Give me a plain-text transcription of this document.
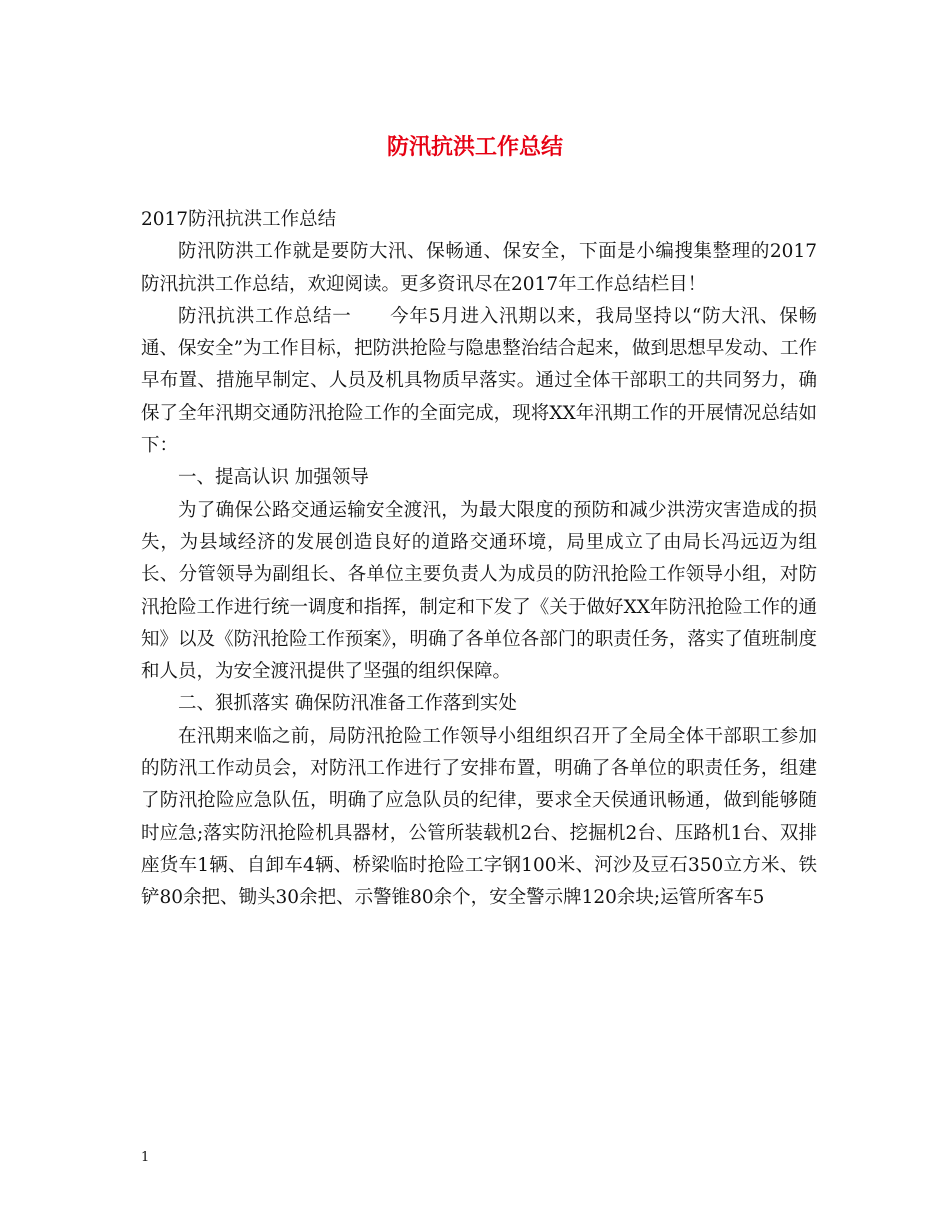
防汛抗洪工作总结

2017防汛抗洪工作总结

防汛防洪工作就是要防大汛、保畅通、保安全，下面是小编搜集整理的2017防汛抗洪工作总结，欢迎阅读。更多资讯尽在2017年工作总结栏目！

防汛抗洪工作总结一　　今年5月进入汛期以来，我局坚持以“防大汛、保畅通、保安全”为工作目标，把防洪抢险与隐患整治结合起来，做到思想早发动、工作早布置、措施早制定、人员及机具物质早落实。通过全体干部职工的共同努力，确保了全年汛期交通防汛抢险工作的全面完成，现将XX年汛期工作的开展情况总结如下：

一、提高认识 加强领导

为了确保公路交通运输安全渡汛，为最大限度的预防和减少洪涝灾害造成的损失，为县域经济的发展创造良好的道路交通环境，局里成立了由局长冯远迈为组长、分管领导为副组长、各单位主要负责人为成员的防汛抢险工作领导小组，对防汛抢险工作进行统一调度和指挥，制定和下发了《关于做好XX年防汛抢险工作的通知》以及《防汛抢险工作预案》，明确了各单位各部门的职责任务，落实了值班制度和人员，为安全渡汛提供了坚强的组织保障。

二、狠抓落实 确保防汛准备工作落到实处

在汛期来临之前，局防汛抢险工作领导小组组织召开了全局全体干部职工参加的防汛工作动员会，对防汛工作进行了安排布置，明确了各单位的职责任务，组建了防汛抢险应急队伍，明确了应急队员的纪律，要求全天侯通讯畅通，做到能够随时应急;落实防汛抢险机具器材，公管所装载机2台、挖掘机2台、压路机1台、双排座货车1辆、自卸车4辆、桥梁临时抢险工字钢100米、河沙及豆石350立方米、铁铲80余把、锄头30余把、示警锥80余个，安全警示牌120余块;运管所客车5

1
